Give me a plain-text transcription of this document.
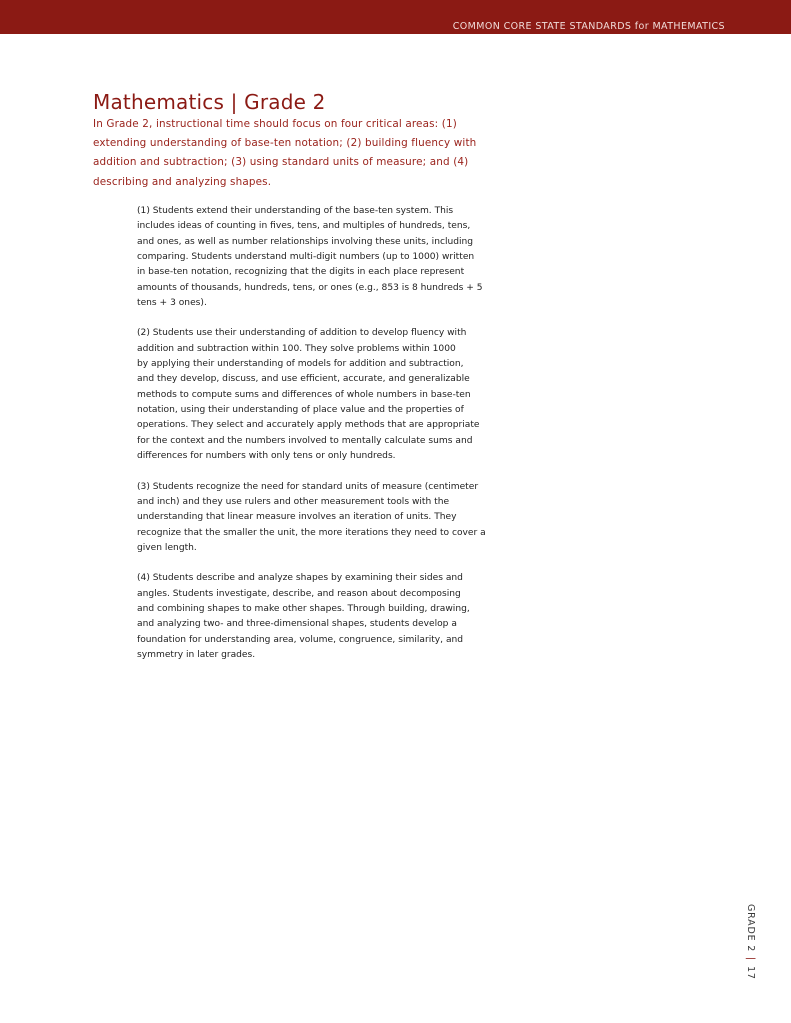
COMMON CORE STATE STANDARDS for MATHEMATICS
Mathematics | Grade 2

In Grade 2, instructional time should focus on four critical areas: (1)
extending understanding of base-ten notation; (2) building fluency with
addition and subtraction; (3) using standard units of measure; and (4)
describing and analyzing shapes.

(1) Students extend their understanding of the base-ten system. This
includes ideas of counting in fives, tens, and multiples of hundreds, tens,
and ones, as well as number relationships involving these units, including
comparing. Students understand multi-digit numbers (up to 1000) written
in base-ten notation, recognizing that the digits in each place represent
amounts of thousands, hundreds, tens, or ones (e.g., 853 is 8 hundreds + 5
tens + 3 ones).

(2) Students use their understanding of addition to develop fluency with
addition and subtraction within 100. They solve problems within 1000
by applying their understanding of models for addition and subtraction,
and they develop, discuss, and use efficient, accurate, and generalizable
methods to compute sums and differences of whole numbers in base-ten
notation, using their understanding of place value and the properties of
operations. They select and accurately apply methods that are appropriate
for the context and the numbers involved to mentally calculate sums and
differences for numbers with only tens or only hundreds.

(3) Students recognize the need for standard units of measure (centimeter
and inch) and they use rulers and other measurement tools with the
understanding that linear measure involves an iteration of units. They
recognize that the smaller the unit, the more iterations they need to cover a
given length.

(4) Students describe and analyze shapes by examining their sides and
angles. Students investigate, describe, and reason about decomposing
and combining shapes to make other shapes. Through building, drawing,
and analyzing two- and three-dimensional shapes, students develop a
foundation for understanding area, volume, congruence, similarity, and
symmetry in later grades.

GRADE 2|17
